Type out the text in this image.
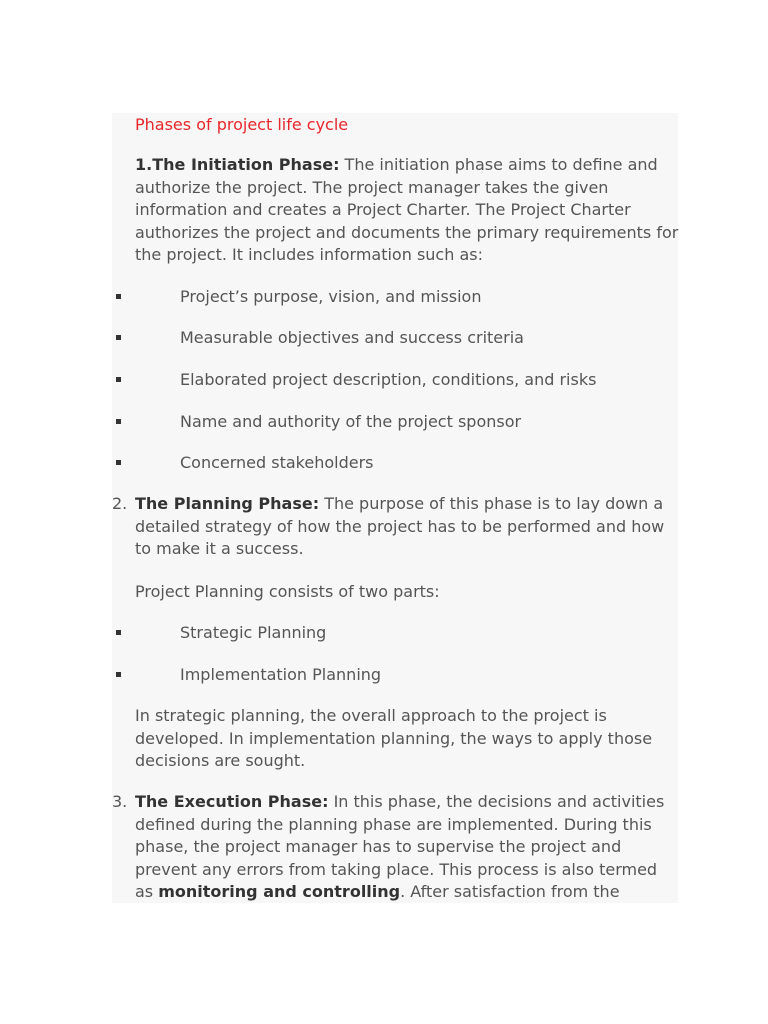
Phases of project life cycle
1.The Initiation Phase: The initiation phase aims to define and authorize the project. The project manager takes the given information and creates a Project Charter. The Project Charter authorizes the project and documents the primary requirements for the project. It includes information such as:
Project’s purpose, vision, and mission
Measurable objectives and success criteria
Elaborated project description, conditions, and risks
Name and authority of the project sponsor
Concerned stakeholders
2. The Planning Phase: The purpose of this phase is to lay down a detailed strategy of how the project has to be performed and how to make it a success.
Project Planning consists of two parts:
Strategic Planning
Implementation Planning
In strategic planning, the overall approach to the project is developed. In implementation planning, the ways to apply those decisions are sought.
3. The Execution Phase: In this phase, the decisions and activities defined during the planning phase are implemented. During this phase, the project manager has to supervise the project and prevent any errors from taking place. This process is also termed as monitoring and controlling. After satisfaction from the
